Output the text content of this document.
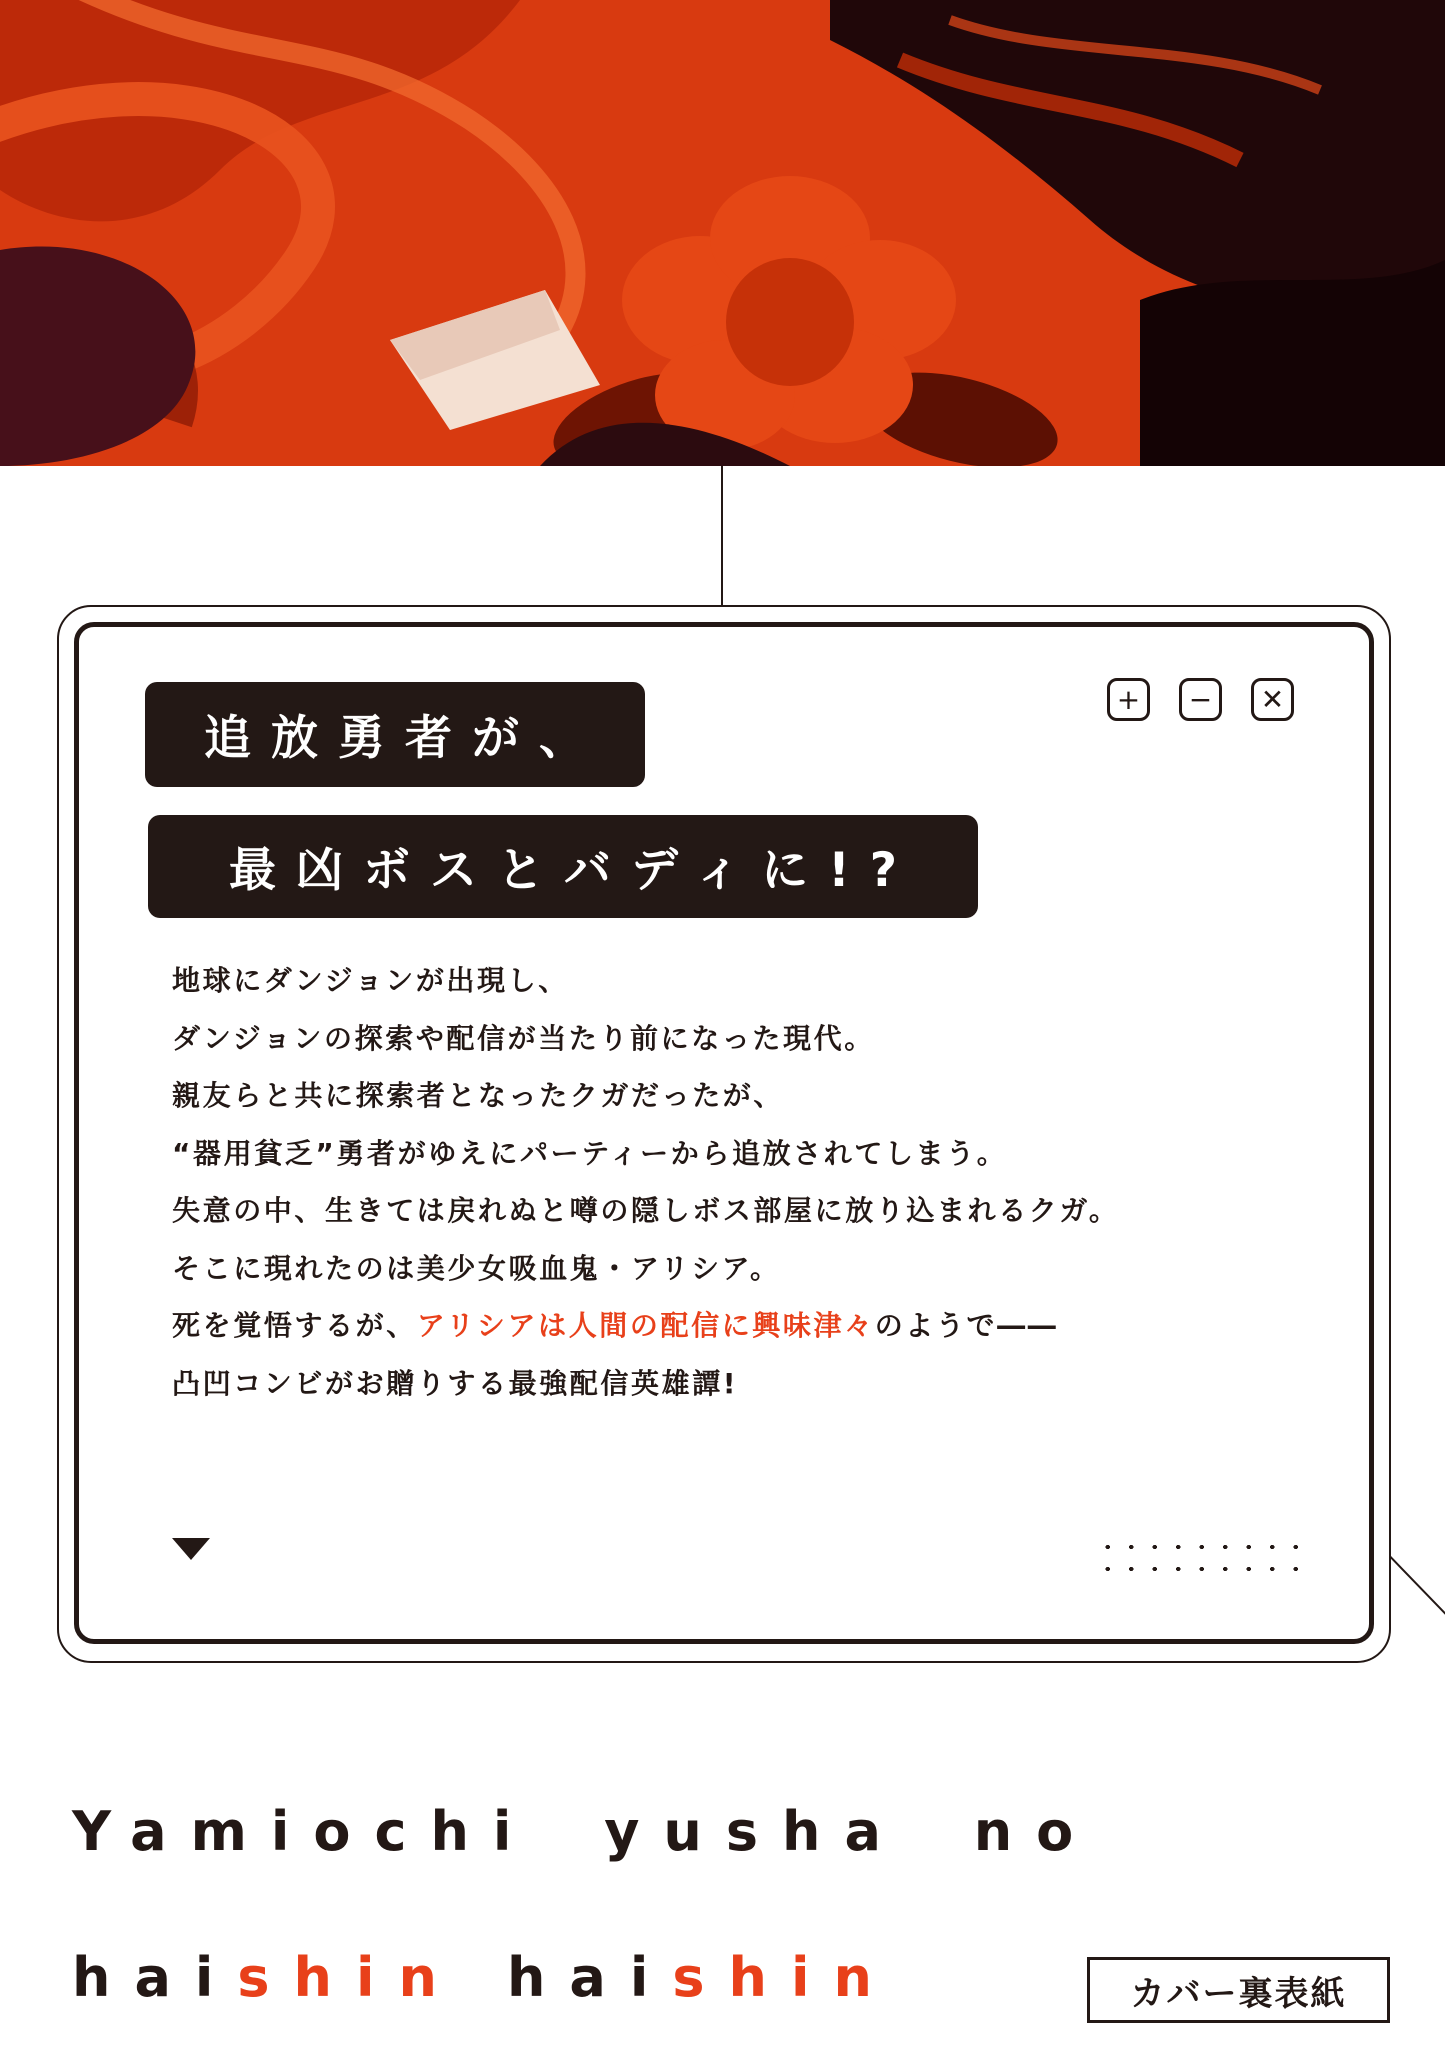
+	−	✕
追放勇者が、
最凶ボスとバディに!?
地球にダンジョンが出現し、
ダンジョンの探索や配信が当たり前になった現代。
親友らと共に探索者となったクガだったが、
“器用貧乏”勇者がゆえにパーティーから追放されてしまう。
失意の中、生きては戻れぬと噂の隠しボス部屋に放り込まれるクガ。
そこに現れたのは美少女吸血鬼・アリシア。
死を覚悟するが、アリシアは人間の配信に興味津々のようで――
凸凹コンビがお贈りする最強配信英雄譚!
Yamiochi yusha no
haishin haishin	カバー裏表紙
